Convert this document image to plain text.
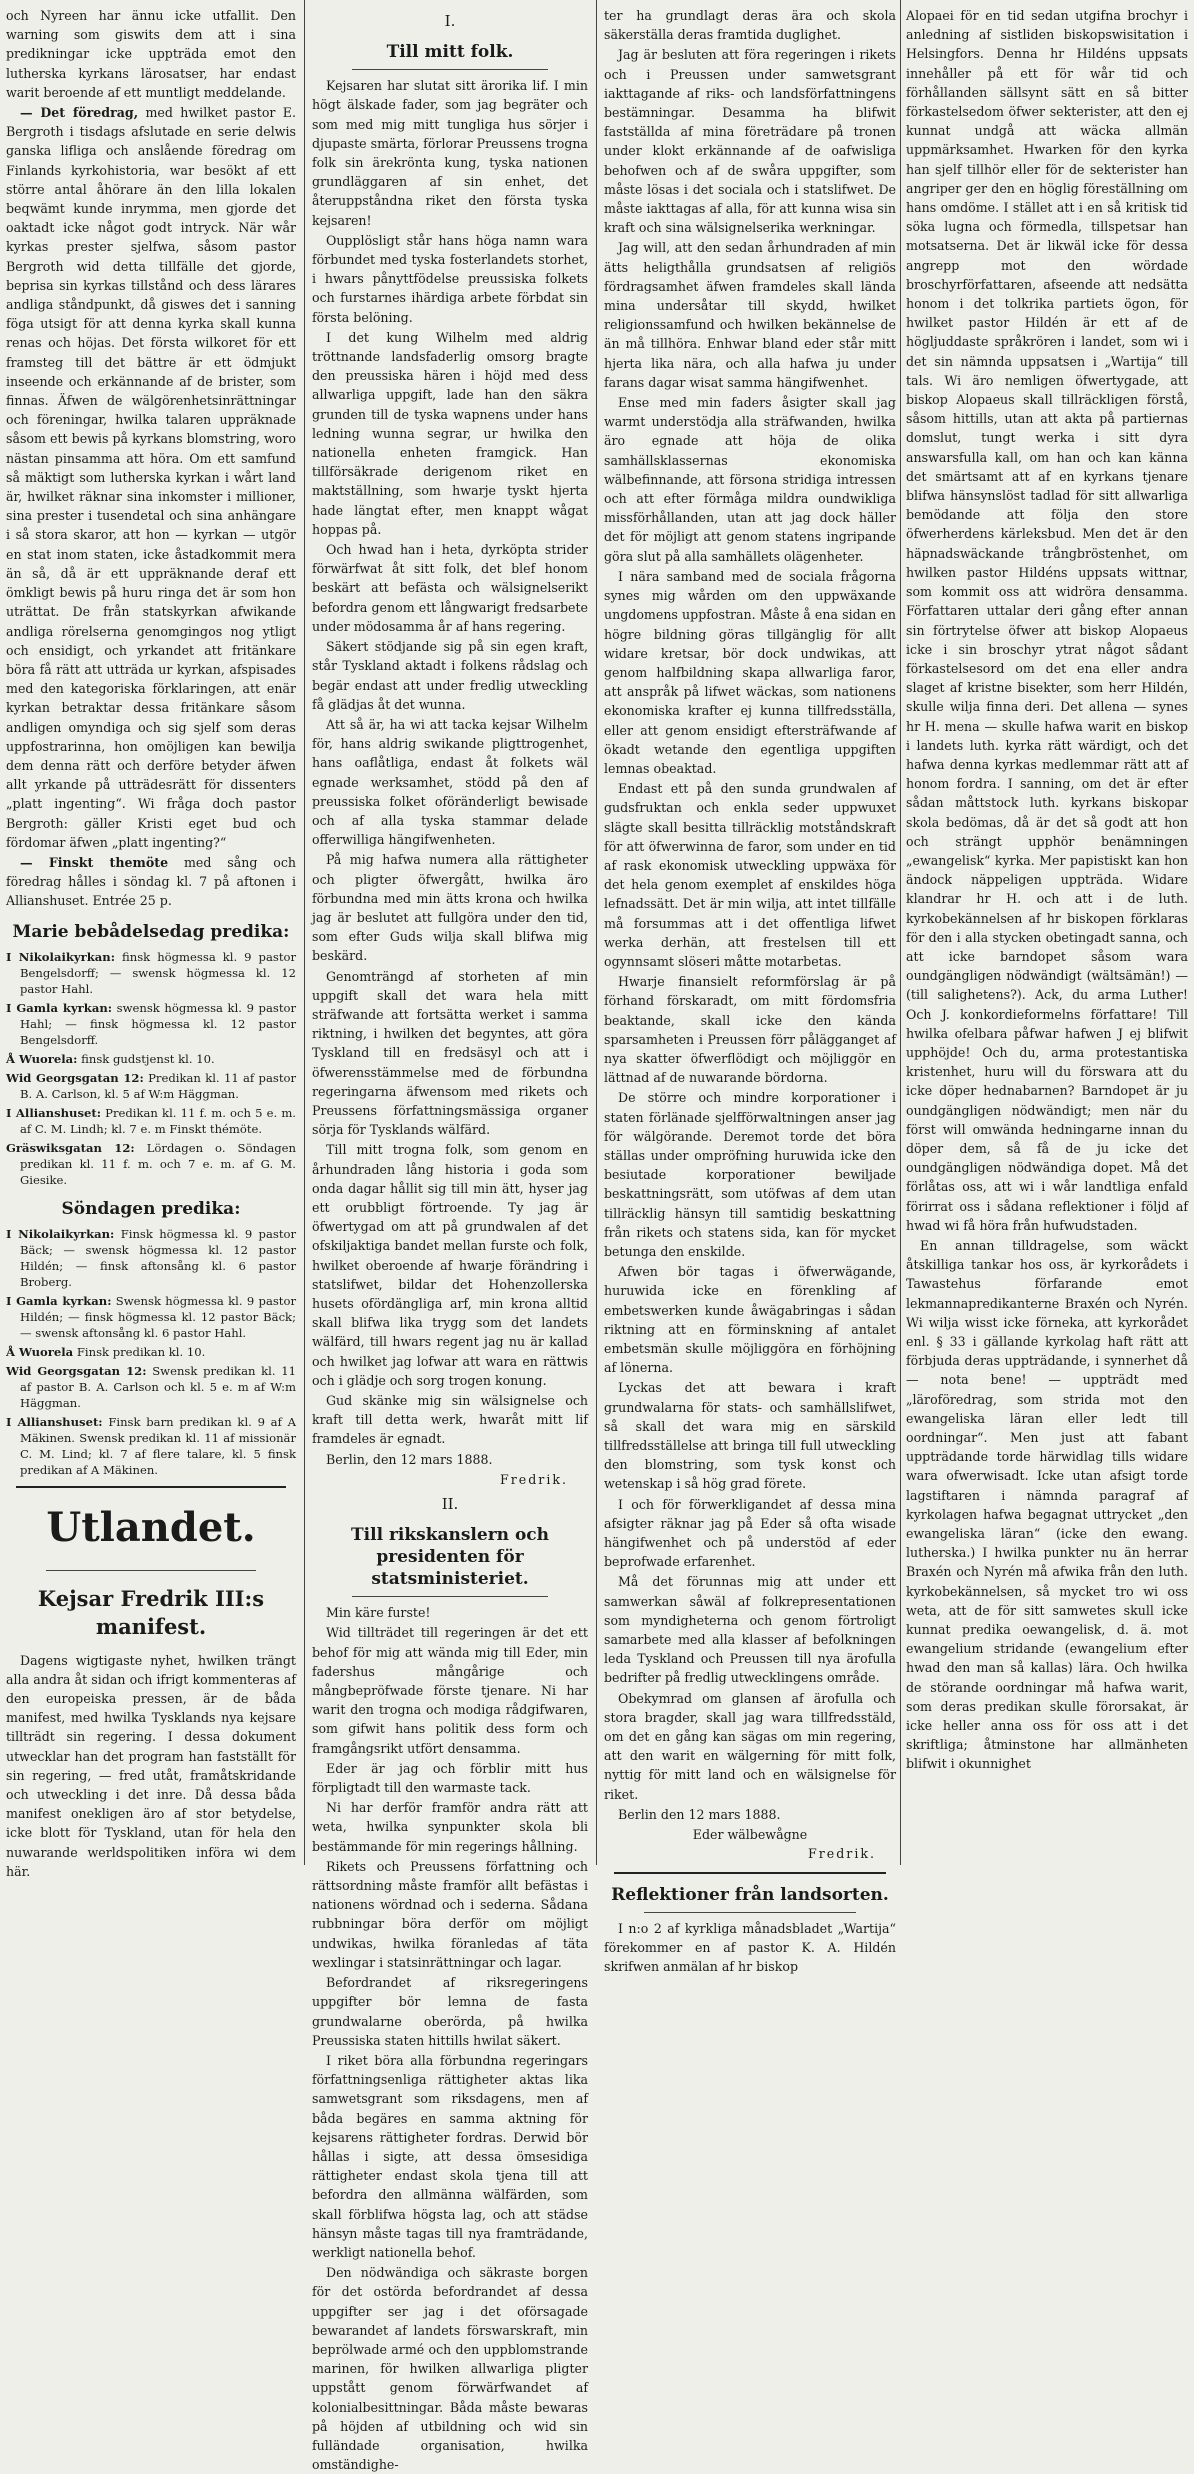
och Nyreen har ännu icke utfallit. Den warning som giswits dem att i sina predikningar icke uppträda emot den lutherska kyrkans lärosatser, har endast warit beroende af ett muntligt meddelande.

— Det föredrag, med hwilket pastor E. Bergroth i tisdags afslutade en serie delwis ganska lifliga och anslående föredrag om Finlands kyrkohistoria, war besökt af ett större antal åhörare än den lilla lokalen beqwämt kunde inrymma, men gjorde det oaktadt icke något godt intryck. När wår kyrkas prester sjelfwa, såsom pastor Bergroth wid detta tillfälle det gjorde, beprisa sin kyrkas tillstånd och dess lärares andliga ståndpunkt, då giswes det i sanning föga utsigt för att denna kyrka skall kunna renas och höjas. Det första wilkoret för ett framsteg till det bättre är ett ödmjukt inseende och erkännande af de brister, som finnas. Äfwen de wälgörenhetsinrättningar och föreningar, hwilka talaren uppräknade såsom ett bewis på kyrkans blomstring, woro nästan pinsamma att höra. Om ett samfund så mäktigt som lutherska kyrkan i wårt land är, hwilket räknar sina inkomster i millioner, sina prester i tusendetal och sina anhängare i så stora skaror, att hon — kyrkan — utgör en stat inom staten, icke åstadkommit mera än så, då är ett uppräknande deraf ett ömkligt bewis på huru ringa det är som hon uträttat. De från statskyrkan afwikande andliga rörelserna genomgingos nog ytligt och ensidigt, och yrkandet att fritänkare böra få rätt att utträda ur kyrkan, afspisades med den kategoriska förklaringen, att enär kyrkan betraktar dessa fritänkare såsom andligen omyndiga och sig sjelf som deras uppfostrarinna, hon omöjligen kan bewilja dem denna rätt och derföre betyder äfwen allt yrkande på utträdesrätt för dissenters „platt ingenting“. Wi fråga doch pastor Bergroth: gäller Kristi eget bud och fördomar äfwen „platt ingenting?“

— Finskt themöte med sång och föredrag hålles i söndag kl. 7 på aftonen i Allianshuset. Entrée 25 p.

Marie bebådelsedag predika:
I Nikolaikyrkan: finsk högmessa kl. 9 pastor Bengelsdorff; — swensk högmessa kl. 12 pastor Hahl.
I Gamla kyrkan: swensk högmessa kl. 9 pastor Hahl; — finsk högmessa kl. 12 pastor Bengelsdorff.
Å Wuorela: finsk gudstjenst kl. 10.
Wid Georgsgatan 12: Predikan kl. 11 af pastor B. A. Carlson, kl. 5 af W:m Häggman.
I Allianshuset: Predikan kl. 11 f. m. och 5 e. m. af C. M. Lindh; kl. 7 e. m Finskt thémöte.
Gräswiksgatan 12: Lördagen o. Söndagen predikan kl. 11 f. m. och 7 e. m. af G. M. Giesike.
Söndagen predika:
I Nikolaikyrkan: Finsk högmessa kl. 9 pastor Bäck; — swensk högmessa kl. 12 pastor Hildén; — finsk aftonsång kl. 6 pastor Broberg.
I Gamla kyrkan: Swensk högmessa kl. 9 pastor Hildén; — finsk högmessa kl. 12 pastor Bäck; — swensk aftonsång kl. 6 pastor Hahl.
Å Wuorela Finsk predikan kl. 10.
Wid Georgsgatan 12: Swensk predikan kl. 11 af pastor B. A. Carlson och kl. 5 e. m af W:m Häggman.
I Allianshuset: Finsk barn predikan kl. 9 af A Mäkinen. Swensk predikan kl. 11 af missionär C. M. Lind; kl. 7 af flere talare, kl. 5 finsk predikan af A Mäkinen.
Utlandet.
Kejsar Fredrik III:s manifest.

Dagens wigtigaste nyhet, hwilken trängt alla andra åt sidan och ifrigt kommenteras af den europeiska pressen, är de båda manifest, med hwilka Tysklands nya kejsare tillträdt sin regering. I dessa dokument utwecklar han det program han fastställt för sin regering, — fred utåt, framåtskridande och utweckling i det inre. Då dessa båda manifest onekligen äro af stor betydelse, icke blott för Tyskland, utan för hela den nuwarande werldspolitiken införa wi dem här.

I.
Till mitt folk.

Kejsaren har slutat sitt ärorika lif. I min högt älskade fader, som jag begräter och som med mig mitt tungliga hus sörjer i djupaste smärta, förlorar Preussens trogna folk sin ärekrönta kung, tyska nationen grundläggaren af sin enhet, det återuppståndna riket den första tyska kejsaren!

Oupplösligt står hans höga namn wara förbundet med tyska fosterlandets storhet, i hwars pånyttfödelse preussiska folkets och furstarnes ihärdiga arbete förbdat sin första belöning.

I det kung Wilhelm med aldrig tröttnande landsfaderlig omsorg bragte den preussiska hären i höjd med dess allwarliga uppgift, lade han den säkra grunden till de tyska wapnens under hans ledning wunna segrar, ur hwilka den nationella enheten framgick. Han tillförsäkrade derigenom riket en maktställning, som hwarje tyskt hjerta hade längtat efter, men knappt wågat hoppas på.

Och hwad han i heta, dyrköpta strider förwärfwat åt sitt folk, det blef honom beskärt att befästa och wälsignelserikt befordra genom ett långwarigt fredsarbete under mödosamma år af hans regering.

Säkert stödjande sig på sin egen kraft, står Tyskland aktadt i folkens rådslag och begär endast att under fredlig utweckling få glädjas åt det wunna.

Att så är, ha wi att tacka kejsar Wilhelm för, hans aldrig swikande pligttrogenhet, hans oaflåtliga, endast åt folkets wäl egnade werksamhet, stödd på den af preussiska folket oföränderligt bewisade och af alla tyska stammar delade offerwilliga hängifwenheten.

På mig hafwa numera alla rättigheter och pligter öfwergått, hwilka äro förbundna med min ätts krona och hwilka jag är beslutet att fullgöra under den tid, som efter Guds wilja skall blifwa mig beskärd.

Genomträngd af storheten af min uppgift skall det wara hela mitt sträfwande att fortsätta werket i samma riktning, i hwilken det begyntes, att göra Tyskland till en fredsäsyl och att i öfwerensstämmelse med de förbundna regeringarna äfwensom med rikets och Preussens författningsmässiga organer sörja för Tysklands wälfärd.

Till mitt trogna folk, som genom en århundraden lång historia i goda som onda dagar hållit sig till min ätt, hyser jag ett orubbligt förtroende. Ty jag är öfwertygad om att på grundwalen af det ofskiljaktiga bandet mellan furste och folk, hwilket oberoende af hwarje förändring i statslifwet, bildar det Hohenzollerska husets ofördängliga arf, min krona alltid skall blifwa lika trygg som det landets wälfärd, till hwars regent jag nu är kallad och hwilket jag lofwar att wara en rättwis och i glädje och sorg trogen konung.

Gud skänke mig sin wälsignelse och kraft till detta werk, hwaråt mitt lif framdeles är egnadt.

Berlin, den 12 mars 1888.

Fredrik.
II.
Till rikskanslern och presidenten för statsministeriet.

Min käre furste!

Wid tillträdet till regeringen är det ett behof för mig att wända mig till Eder, min fadershus mångårige och mångbepröfwade förste tjenare. Ni har warit den trogna och modiga rådgifwaren, som gifwit hans politik dess form och framgångsrikt utfört densamma.

Eder är jag och förblir mitt hus förpligtadt till den warmaste tack.

Ni har derför framför andra rätt att weta, hwilka synpunkter skola bli bestämmande för min regerings hållning.

Rikets och Preussens författning och rättsordning måste framför allt befästas i nationens wördnad och i sederna. Sådana rubbningar böra derför om möjligt undwikas, hwilka föranledas af täta wexlingar i statsinrättningar och lagar.

Befordrandet af riksregeringens uppgifter bör lemna de fasta grundwalarne oberörda, på hwilka Preussiska staten hittills hwilat säkert.

I riket böra alla förbundna regeringars författningsenliga rättigheter aktas lika samwetsgrant som riksdagens, men af båda begäres en samma aktning för kejsarens rättigheter fordras. Derwid bör hållas i sigte, att dessa ömsesidiga rättigheter endast skola tjena till att befordra den allmänna wälfärden, som skall förblifwa högsta lag, och att städse hänsyn måste tagas till nya framträdande, werkligt nationella behof.

Den nödwändiga och säkraste borgen för det ostörda befordrandet af dessa uppgifter ser jag i det oförsagade bewarandet af landets förswarskraft, min beprölwade armé och den uppblomstrande marinen, för hwilken allwarliga pligter uppstått genom förwärfwandet af kolonialbesittningar. Båda måste bewaras på höjden af utbildning och wid sin fulländade organisation, hwilka omständighe-

ter ha grundlagt deras ära och skola säkerställa deras framtida duglighet.

Jag är besluten att föra regeringen i rikets och i Preussen under samwetsgrant iakttagande af riks- och landsförfattningens bestämningar. Desamma ha blifwit fastställda af mina företrädare på tronen under klokt erkännande af de oafwisliga behofwen och af de swåra uppgifter, som måste lösas i det sociala och i statslifwet. De måste iakttagas af alla, för att kunna wisa sin kraft och sina wälsignelserika werkningar.

Jag will, att den sedan århundraden af min ätts heligthålla grundsatsen af religiös fördragsamhet äfwen framdeles skall lända mina undersåtar till skydd, hwilket religionssamfund och hwilken bekännelse de än må tillhöra. Enhwar bland eder står mitt hjerta lika nära, och alla hafwa ju under farans dagar wisat samma hängifwenhet.

Ense med min faders åsigter skall jag warmt understödja alla sträfwanden, hwilka äro egnade att höja de olika samhällsklassernas ekonomiska wälbefinnande, att försona stridiga intressen och att efter förmåga mildra oundwikliga missförhållanden, utan att jag dock häller det för möjligt att genom statens ingripande göra slut på alla samhällets olägenheter.

I nära samband med de sociala frågorna synes mig wården om den uppwäxande ungdomens uppfostran. Måste å ena sidan en högre bildning göras tillgänglig för allt widare kretsar, bör dock undwikas, att genom halfbildning skapa allwarliga faror, att anspråk på lifwet wäckas, som nationens ekonomiska krafter ej kunna tillfredsställa, eller att genom ensidigt eftersträfwande af ökadt wetande den egentliga uppgiften lemnas obeaktad.

Endast ett på den sunda grundwalen af gudsfruktan och enkla seder uppwuxet slägte skall besitta tillräcklig motståndskraft för att öfwerwinna de faror, som under en tid af rask ekonomisk utweckling uppwäxa för det hela genom exemplet af enskildes höga lefnadssätt. Det är min wilja, att intet tillfälle må forsummas att i det offentliga lifwet werka derhän, att frestelsen till ett ogynnsamt slöseri måtte motarbetas.

Hwarje finansielt reformförslag är på förhand förskaradt, om mitt fördomsfria beaktande, skall icke den kända sparsamheten i Preussen förr pålägganget af nya skatter öfwerflödigt och möjliggör en lättnad af de nuwarande bördorna.

De större och mindre korporationer i staten förlänade sjelfförwaltningen anser jag för wälgörande. Deremot torde det böra ställas under ompröfning huruwida icke den besiutade korporationer bewiljade beskattningsrätt, som utöfwas af dem utan tillräcklig hänsyn till samtidig beskattning från rikets och statens sida, kan för mycket betunga den enskilde.

Afwen bör tagas i öfwerwägande, huruwida icke en förenkling af embetswerken kunde åwägabringas i sådan riktning att en förminskning af antalet embetsmän skulle möjliggöra en förhöjning af lönerna.

Lyckas det att bewara i kraft grundwalarna för stats- och samhällslifwet, så skall det wara mig en särskild tillfredsställelse att bringa till full utweckling den blomstring, som tysk konst och wetenskap i så hög grad förete.

I och för förwerkligandet af dessa mina afsigter räknar jag på Eder så ofta wisade hängifwenhet och på understöd af eder beprofwade erfarenhet.

Må det förunnas mig att under ett samwerkan såwäl af folkrepresentationen som myndigheterna och genom förtroligt samarbete med alla klasser af befolkningen leda Tyskland och Preussen till nya ärofulla bedrifter på fredlig utwecklingens område.

Obekymrad om glansen af ärofulla och stora bragder, skall jag wara tillfredsstäld, om det en gång kan sägas om min regering, att den warit en wälgerning för mitt folk, nyttig för mitt land och en wälsignelse för riket.

Berlin den 12 mars 1888.

Eder wälbewågne
Fredrik.
Reflektioner från landsorten.

I n:o 2 af kyrkliga månadsbladet „Wartija“ förekommer en af pastor K. A. Hildén skrifwen anmälan af hr biskop

Alopaei för en tid sedan utgifna brochyr i anledning af sistliden biskopswisitation i Helsingfors. Denna hr Hildéns uppsats innehåller på ett för wår tid och förhållanden sällsynt sätt en så bitter förkastelsedom öfwer sekterister, att den ej kunnat undgå att wäcka allmän uppmärksamhet. Hwarken för den kyrka han sjelf tillhör eller för de sekterister han angriper ger den en höglig föreställning om hans omdöme. I stället att i en så kritisk tid söka lugna och förmedla, tillspetsar han motsatserna. Det är likwäl icke för dessa angrepp mot den wördade broschyrförfattaren, afseende att nedsätta honom i det tolkrika partiets ögon, för hwilket pastor Hildén är ett af de högljuddaste språkrören i landet, som wi i det sin nämnda uppsatsen i „Wartija“ till tals. Wi äro nemligen öfwertygade, att biskop Alopaeus skall tillräckligen förstå, såsom hittills, utan att akta på partiernas domslut, tungt werka i sitt dyra answarsfulla kall, om han och kan känna det smärtsamt att af en kyrkans tjenare blifwa hänsynslöst tadlad för sitt allwarliga bemödande att följa den store öfwerherdens kärleksbud. Men det är den häpnadswäckande trångbröstenhet, om hwilken pastor Hildéns uppsats wittnar, som kommit oss att widröra densamma. Författaren uttalar deri gång efter annan sin förtrytelse öfwer att biskop Alopaeus icke i sin broschyr ytrat något sådant förkastelsesord om det ena eller andra slaget af kristne bisekter, som herr Hildén, skulle wilja finna deri. Det allena — synes hr H. mena — skulle hafwa warit en biskop i landets luth. kyrka rätt wärdigt, och det hafwa denna kyrkas medlemmar rätt att af honom fordra. I sanning, om det är efter sådan måttstock luth. kyrkans biskopar skola bedömas, då är det så godt att hon och strängt upphör benämningen „ewangelisk“ kyrka. Mer papistiskt kan hon ändock näppeligen uppträda. Widare klandrar hr H. och att i de luth. kyrkobekännelsen af hr biskopen förklaras för den i alla stycken obetingadt sanna, och att icke barndopet såsom wara oundgängligen nödwändigt (wältsämän!) — (till salighetens?). Ack, du arma Luther! Och J. konkordieformelns författare! Till hwilka ofelbara påfwar hafwen J ej blifwit upphöjde! Och du, arma protestantiska kristenhet, huru will du förswara att du icke döper hednabarnen? Barndopet är ju oundgängligen nödwändigt; men när du först will omwända hedningarne innan du döper dem, så få de ju icke det oundgängligen nödwändiga dopet. Må det förlåtas oss, att wi i wår landtliga enfald förirrat oss i sådana reflektioner i följd af hwad wi få höra från hufwudstaden.

En annan tilldragelse, som wäckt åtskilliga tankar hos oss, är kyrkorådets i Tawastehus förfarande emot lekmannapredikanterne Braxén och Nyrén. Wi wilja wisst icke förneka, att kyrkorådet enl. § 33 i gällande kyrkolag haft rätt att förbjuda deras uppträdande, i synnerhet då — nota bene! — uppträdt med „läroföredrag, som strida mot den ewangeliska läran eller ledt till oordningar“. Men just att fabant uppträdande torde härwidlag tills widare wara ofwerwisadt. Icke utan afsigt torde lagstiftaren i nämnda paragraf af kyrkolagen hafwa begagnat uttrycket „den ewangeliska läran“ (icke den ewang. lutherska.) I hwilka punkter nu än herrar Braxén och Nyrén må afwika från den luth. kyrkobekännelsen, så mycket tro wi oss weta, att de för sitt samwetes skull icke kunnat predika oewangelisk, d. ä. mot ewangelium stridande (ewangelium efter hwad den man så kallas) lära. Och hwilka de störande oordningar må hafwa warit, som deras predikan skulle förorsakat, är icke heller anna oss för oss att i det skriftliga; åtminstone har allmänheten blifwit i okunnighet
